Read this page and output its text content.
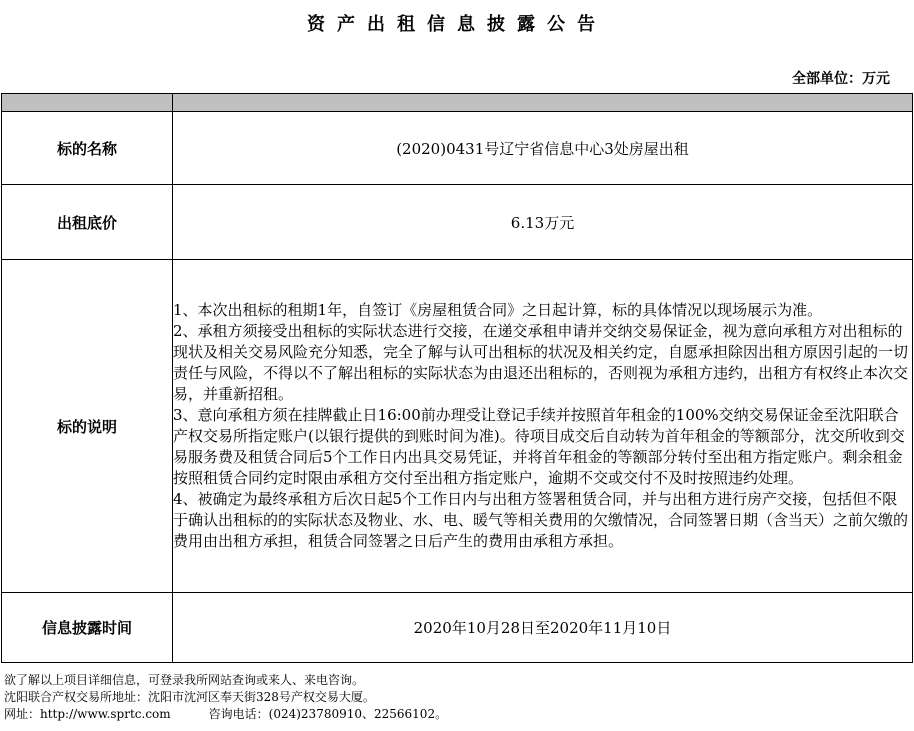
资产出租信息披露公告
全部单位：万元

标的名称	(2020)0431号辽宁省信息中心3处房屋出租
出租底价	6.13万元
标的说明	1、本次出租标的租期1年，自签订《房屋租赁合同》之日起计算，标的具体情况以现场展示为准。

2、承租方须接受出租标的实际状态进行交接，在递交承租申请并交纳交易保证金，视为意向承租方对出租标的现状及相关交易风险充分知悉，完全了解与认可出租标的状况及相关约定，自愿承担除因出租方原因引起的一切责任与风险，不得以不了解出租标的实际状态为由退还出租标的，否则视为承租方违约，出租方有权终止本次交易，并重新招租。

3、意向承租方须在挂牌截止日16:00前办理受让登记手续并按照首年租金的100%交纳交易保证金至沈阳联合产权交易所指定账户(以银行提供的到账时间为准)。待项目成交后自动转为首年租金的等额部分，沈交所收到交易服务费及租赁合同后5个工作日内出具交易凭证，并将首年租金的等额部分转付至出租方指定账户。剩余租金按照租赁合同约定时限由承租方交付至出租方指定账户，逾期不交或交付不及时按照违约处理。

4、被确定为最终承租方后次日起5个工作日内与出租方签署租赁合同，并与出租方进行房产交接，包括但不限于确认出租标的的实际状态及物业、水、电、暖气等相关费用的欠缴情况，合同签署日期（含当天）之前欠缴的费用由出租方承担，租赁合同签署之日后产生的费用由承租方承担。

信息披露时间	2020年10月28日至2020年11月10日
欲了解以上项目详细信息，可登录我所网站查询或来人、来电咨询。
沈阳联合产权交易所地址：沈阳市沈河区奉天街328号产权交易大厦。
网址：http://www.sprtc.com	咨询电话：(024)23780910、22566102。
